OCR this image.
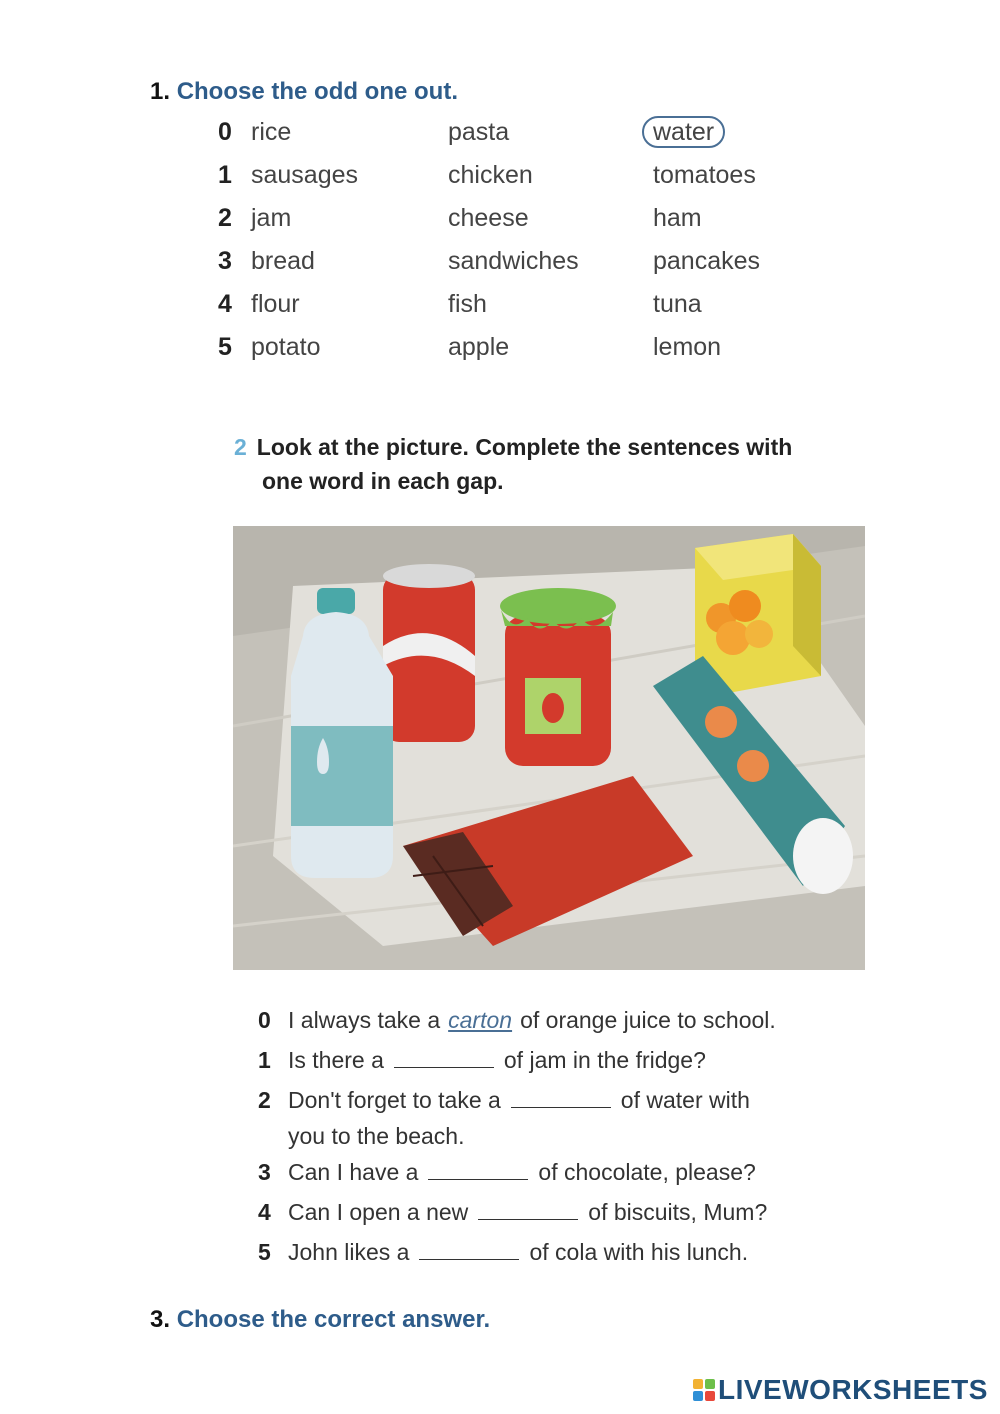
1. Choose the odd one out.
0 rice	pasta	water
1 sausages	chicken	tomatoes
2 jam	cheese	ham
3 bread	sandwiches	pancakes
4 flour	fish	tuna
5 potato	apple	lemon
2 Look at the picture. Complete the sentences with
one word in each gap.
0 I always take a carton of orange juice to school.
1 Is there a	of jam in the fridge?
2 Don't forget to take a	of water with
you to the beach.
3 Can I have a	of chocolate, please?
4 Can I open a new	of biscuits, Mum?
5 John likes a	of cola with his lunch.
3. Choose the correct answer.
LIVEWORKSHEETS
